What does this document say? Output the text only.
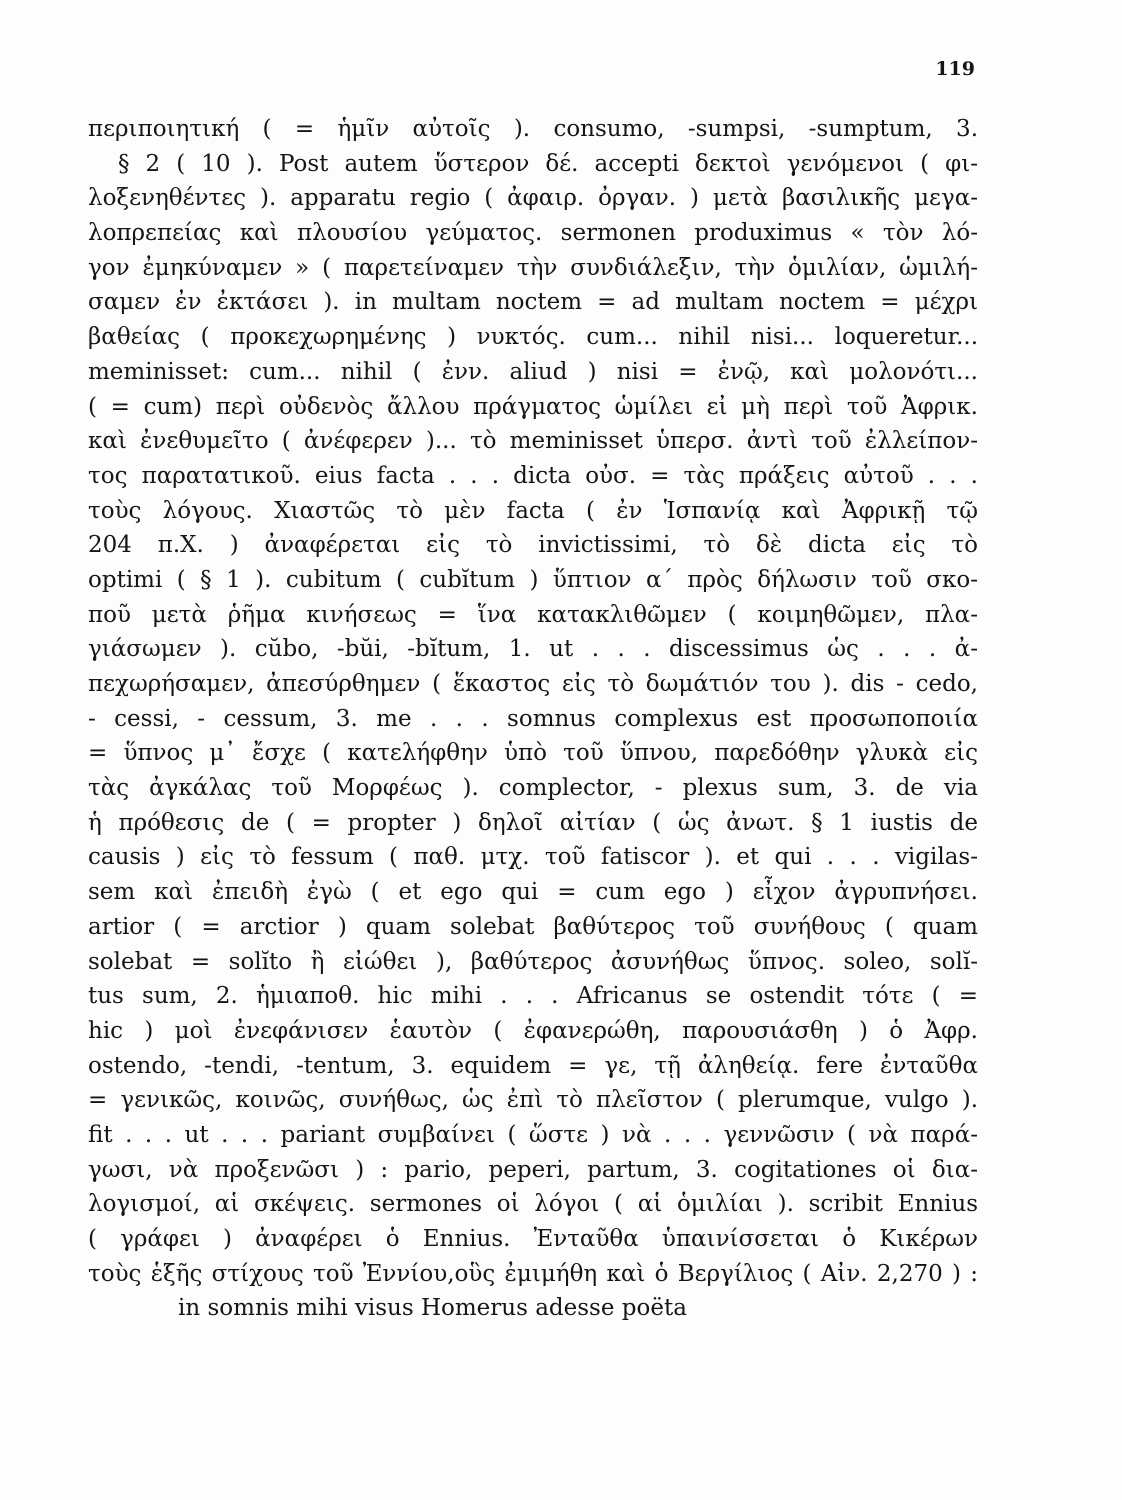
119
περιποιητική ( = ἡμῖν αὐτοῖς ). consumo, -sumpsi, -sumptum, 3.
§ 2 ( 10 ). Post autem ὕστερον δέ. accepti δεκτοὶ γενόμενοι ( φι-
λοξενηθέντες ). apparatu regio ( ἀφαιρ. ὀργαν. ) μετὰ βασιλικῆς μεγα-
λοπρεπείας καὶ πλουσίου γεύματος. sermonen produximus « τὸν λό-
γον ἐμηκύναμεν » ( παρετείναμεν τὴν συνδιάλεξιν, τὴν ὁμιλίαν, ὡμιλή-
σαμεν ἐν ἐκτάσει ). in multam noctem = ad multam noctem = μέχρι
βαθείας ( προκεχωρημένης ) νυκτός. cum... nihil nisi... loqueretur...
meminisset: cum... nihil ( ἐνν. aliud ) nisi = ἐνῷ, καὶ μολονότι...
( = cum) περὶ οὐδενὸς ἄλλου πράγματος ὡμίλει εἰ μὴ περὶ τοῦ Ἀφρικ.
καὶ ἐνεθυμεῖτο ( ἀνέφερεν )... τὸ meminisset ὑπερσ. ἀντὶ τοῦ ἐλλείπον-
τος παρατατικοῦ. eius facta . . . dicta οὐσ. = τὰς πράξεις αὐτοῦ . . .
τοὺς λόγους. Χιαστῶς τὸ μὲν facta ( ἐν Ἱσπανίᾳ καὶ Ἀφρικῇ τῷ
204 π.Χ. ) ἀναφέρεται εἰς τὸ invictissimi, τὸ δὲ dicta εἰς τὸ
optimi ( § 1 ). cubitum ( cubĭtum ) ὕπτιον α΄ πρὸς δήλωσιν τοῦ σκο-
ποῦ μετὰ ῥῆμα κινήσεως = ἵνα κατακλιθῶμεν ( κοιμηθῶμεν, πλα-
γιάσωμεν ). cŭbo, -bŭi, -bĭtum, 1. ut . . . discessimus ὡς . . . ἀ-
πεχωρήσαμεν, ἀπεσύρθημεν ( ἕκαστος εἰς τὸ δωμάτιόν του ). dis - cedo,
- cessi, - cessum, 3. me . . . somnus complexus est προσωποποιία
= ὕπνος μ᾽ ἔσχε ( κατελήφθην ὑπὸ τοῦ ὕπνου, παρεδόθην γλυκὰ εἰς
τὰς ἀγκάλας τοῦ Μορφέως ). complector, - plexus sum, 3. de via
ἡ πρόθεσις de ( = propter ) δηλοῖ αἰτίαν ( ὡς ἀνωτ. § 1 iustis de
causis ) εἰς τὸ fessum ( παθ. μτχ. τοῦ fatiscor ). et qui . . . vigilas-
sem καὶ ἐπειδὴ ἐγὼ ( et ego qui = cum ego ) εἶχον ἀγρυπνήσει.
artior ( = arctior ) quam solebat βαθύτερος τοῦ συνήθους ( quam
solebat = solĭto ἢ εἰώθει ), βαθύτερος ἀσυνήθως ὕπνος. soleo, solĭ-
tus sum, 2. ἡμιαποθ. hic mihi . . . Africanus se ostendit τότε ( =
hic ) μοὶ ἐνεφάνισεν ἑαυτὸν ( ἐφανερώθη, παρουσιάσθη ) ὁ Ἀφρ.
ostendo, -tendi, -tentum, 3. equidem = γε, τῇ ἀληθείᾳ. fere ἐνταῦθα
= γενικῶς, κοινῶς, συνήθως, ὡς ἐπὶ τὸ πλεῖστον ( plerumque, vulgo ).
fit . . . ut . . . pariant συμβαίνει ( ὥστε ) νὰ . . . γεννῶσιν ( νὰ παρά-
γωσι, νὰ προξενῶσι ) : pario, peperi, partum, 3. cogitationes οἱ δια-
λογισμοί, αἱ σκέψεις. sermones οἱ λόγοι ( αἱ ὁμιλίαι ). scribit Ennius
( γράφει ) ἀναφέρει ὁ Ennius. Ἐνταῦθα ὑπαινίσσεται ὁ Κικέρων
τοὺς ἑξῆς στίχους τοῦ Ἐννίου,οὓς ἐμιμήθη καὶ ὁ Βεργίλιος ( Αἰν. 2,270 ) :
in somnis mihi visus Homerus adesse poëta
